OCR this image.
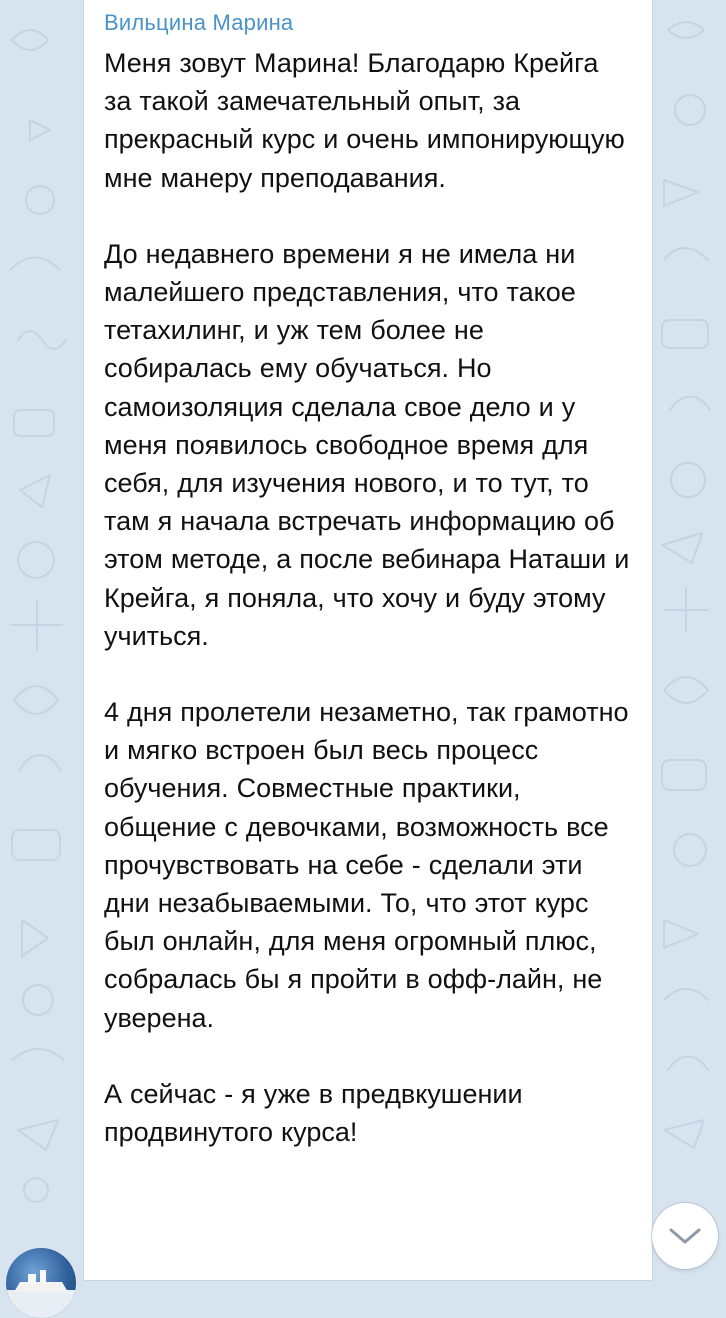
Вильцина Марина

Меня зовут Марина! Благодарю Крейга за такой замечательный опыт, за прекрасный курс и очень импонирующую мне манеру преподавания.

До недавнего времени я не имела ни малейшего представления, что такое тетахилинг, и уж тем более не собиралась ему обучаться. Но самоизоляция сделала свое дело и у меня появилось свободное время для себя, для изучения нового, и то тут, то там я начала встречать информацию об этом методе, а после вебинара Наташи и Крейга, я поняла, что хочу и буду этому учиться.

4 дня пролетели незаметно, так грамотно и мягко встроен был весь процесс обучения. Совместные практики, общение с девочками, возможность все прочувствовать на себе - сделали эти дни незабываемыми. То, что этот курс был онлайн, для меня огромный плюс, собралась бы я пройти в офф-лайн, не уверена.

А сейчас - я уже в предвкушении продвинутого курса!
